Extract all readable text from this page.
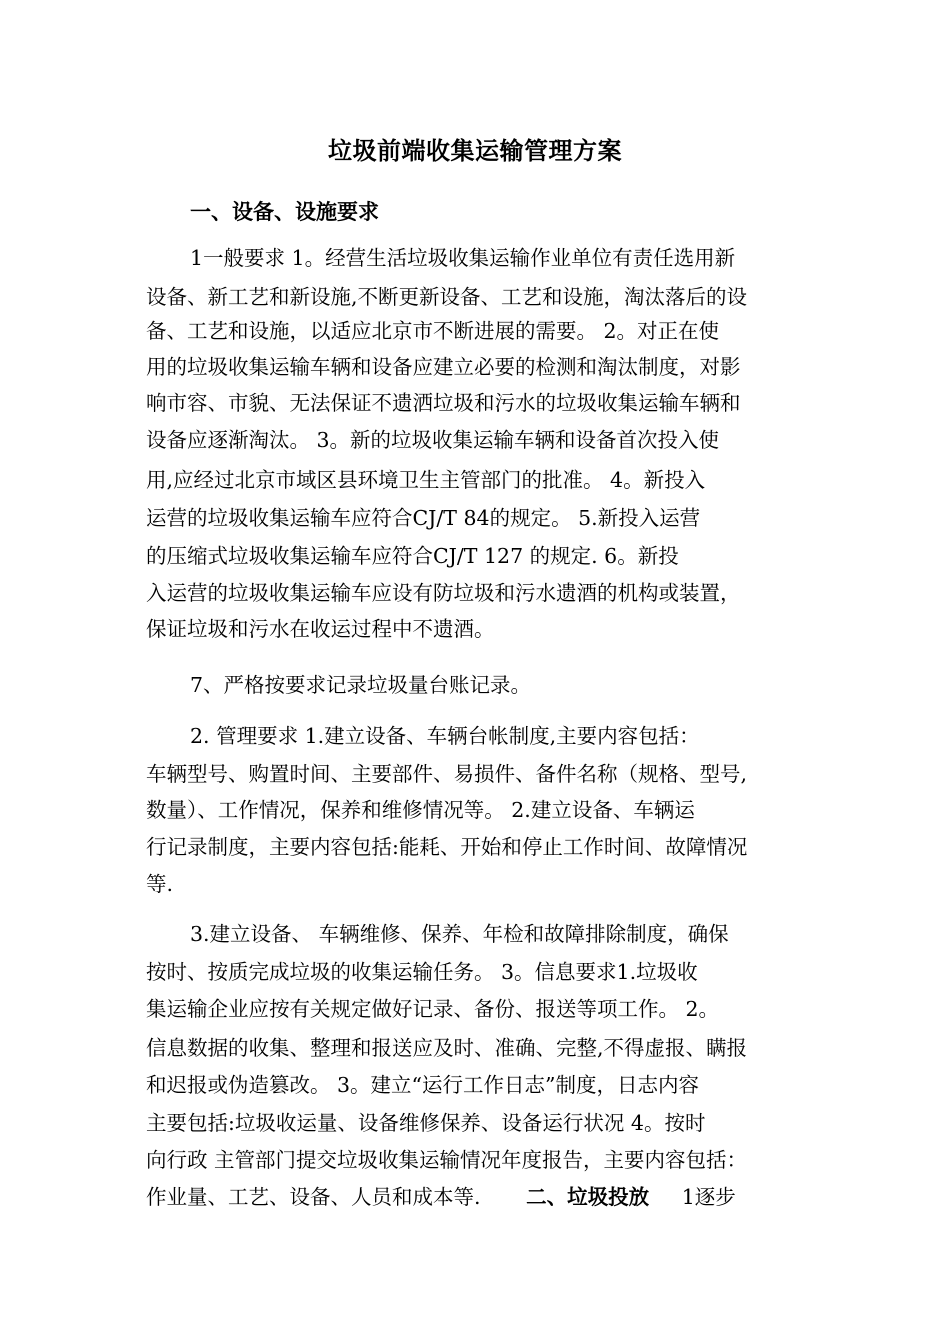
垃圾前端收集运输管理方案
一、设备、设施要求
1一般要求 1。经营生活垃圾收集运输作业单位有责任选用新
设备、新工艺和新设施,不断更新设备、工艺和设施，淘汰落后的设
备、工艺和设施，以适应北京市不断进展的需要。 2。对正在使
用的垃圾收集运输车辆和设备应建立必要的检测和淘汰制度，对影
响市容、市貌、无法保证不遗洒垃圾和污水的垃圾收集运输车辆和
设备应逐渐淘汰。 3。新的垃圾收集运输车辆和设备首次投入使
用,应经过北京市域区县环境卫生主管部门的批准。 4。新投入
运营的垃圾收集运输车应符合CJ/T 84的规定。 5.新投入运营
的压缩式垃圾收集运输车应符合CJ/T 127 的规定. 6。新投
入运营的垃圾收集运输车应设有防垃圾和污水遗酒的机构或装置，
保证垃圾和污水在收运过程中不遗酒。
7、严格按要求记录垃圾量台账记录。
2. 管理要求 1.建立设备、车辆台帐制度,主要内容包括：
车辆型号、购置时间、主要部件、易损件、备件名称（规格、型号,
数量）、工作情况，保养和维修情况等。 2.建立设备、车辆运
行记录制度，主要内容包括:能耗、开始和停止工作时间、故障情况
等.
3.建立设备、 车辆维修、保养、年检和故障排除制度，确保
按时、按质完成垃圾的收集运输任务。 3。信息要求1.垃圾收
集运输企业应按有关规定做好记录、备份、报送等项工作。 2。
信息数据的收集、整理和报送应及时、准确、完整,不得虚报、瞒报
和迟报或伪造篡改。 3。建立“运行工作日志”制度，日志内容
主要包括:垃圾收运量、设备维修保养、设备运行状况 4。按时
向行政 主管部门提交垃圾收集运输情况年度报告，主要内容包括：
作业量、工艺、设备、人员和成本等. 二、垃圾投放 1逐步
